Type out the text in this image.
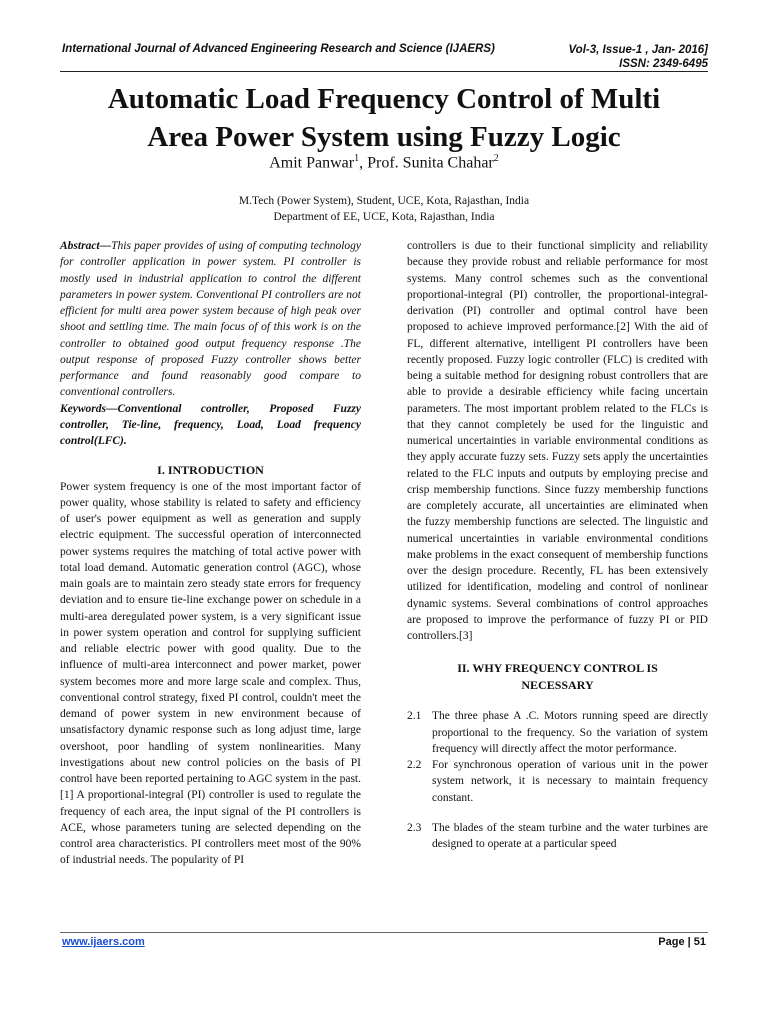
International Journal of Advanced Engineering Research and Science (IJAERS)	Vol-3, Issue-1 , Jan- 2016]
ISSN: 2349-6495
Automatic Load Frequency Control of Multi
Area Power System using Fuzzy Logic
Amit Panwar$^1$, Prof. Sunita Chahar$^2$
M.Tech (Power System), Student, UCE, Kota, Rajasthan, India
Department of EE, UCE, Kota, Rajasthan, India

Abstract—This paper provides of using of computing technology for controller application in power system. PI controller is mostly used in industrial application to control the different parameters in power system. Conventional PI controllers are not efficient for multi area power system because of high peak over shoot and settling time. The main focus of of this work is on the controller to obtained good output frequency response .The output response of proposed Fuzzy controller shows better performance and found reasonably good compare to conventional controllers.

Keywords—Conventional controller, Proposed Fuzzy controller, Tie-line, frequency, Load, Load frequency control(LFC).

I. INTRODUCTION

Power system frequency is one of the most important factor of power quality, whose stability is related to safety and efficiency of user's power equipment as well as generation and supply electric equipment. The successful operation of interconnected power systems requires the matching of total active power with total load demand. Automatic generation control (AGC), whose main goals are to maintain zero steady state errors for frequency deviation and to ensure tie-line exchange power on schedule in a multi-area deregulated power system, is a very significant issue in power system operation and control for supplying sufficient and reliable electric power with good quality. Due to the influence of multi-area interconnect and power market, power system becomes more and more large scale and complex. Thus, conventional control strategy, fixed PI control, couldn't meet the demand of power system in new environment because of unsatisfactory dynamic response such as long adjust time, large overshoot, poor handling of system nonlinearities. Many investigations about new control policies on the basis of PI control have been reported pertaining to AGC system in the past.[1] A proportional-integral (PI) controller is used to regulate the frequency of each area, the input signal of the PI controllers is ACE, whose parameters tuning are selected depending on the control area characteristics. PI controllers meet most of the 90% of industrial needs. The popularity of PI

controllers is due to their functional simplicity and reliability because they provide robust and reliable performance for most systems. Many control schemes such as the conventional proportional-integral (PI) controller, the proportional-integral-derivation (PI) controller and optimal control have been proposed to achieve improved performance.[2] With the aid of FL, different alternative, intelligent PI controllers have been recently proposed. Fuzzy logic controller (FLC) is credited with being a suitable method for designing robust controllers that are able to provide a desirable efficiency while facing uncertain parameters. The most important problem related to the FLCs is that they cannot completely be used for the linguistic and numerical uncertainties in variable environmental conditions as they apply accurate fuzzy sets. Fuzzy sets apply the uncertainties related to the FLC inputs and outputs by employing precise and crisp membership functions. Since fuzzy membership functions are completely accurate, all uncertainties are eliminated when the fuzzy membership functions are selected. The linguistic and numerical uncertainties in variable environmental conditions make problems in the exact consequent of membership functions over the design procedure. Recently, FL has been extensively utilized for identification, modeling and control of nonlinear dynamic systems. Several combinations of control approaches are proposed to improve the performance of fuzzy PI or PID controllers.[3]

II. WHY FREQUENCY CONTROL IS
NECESSARY
2.1 The three phase A .C. Motors running speed are directly proportional to the frequency. So the variation of system frequency will directly affect the motor performance.
2.2 For synchronous operation of various unit in the power system network, it is necessary to maintain frequency constant.
2.3 The blades of the steam turbine and the water turbines are designed to operate at a particular speed
www.ijaers.com	Page | 51
